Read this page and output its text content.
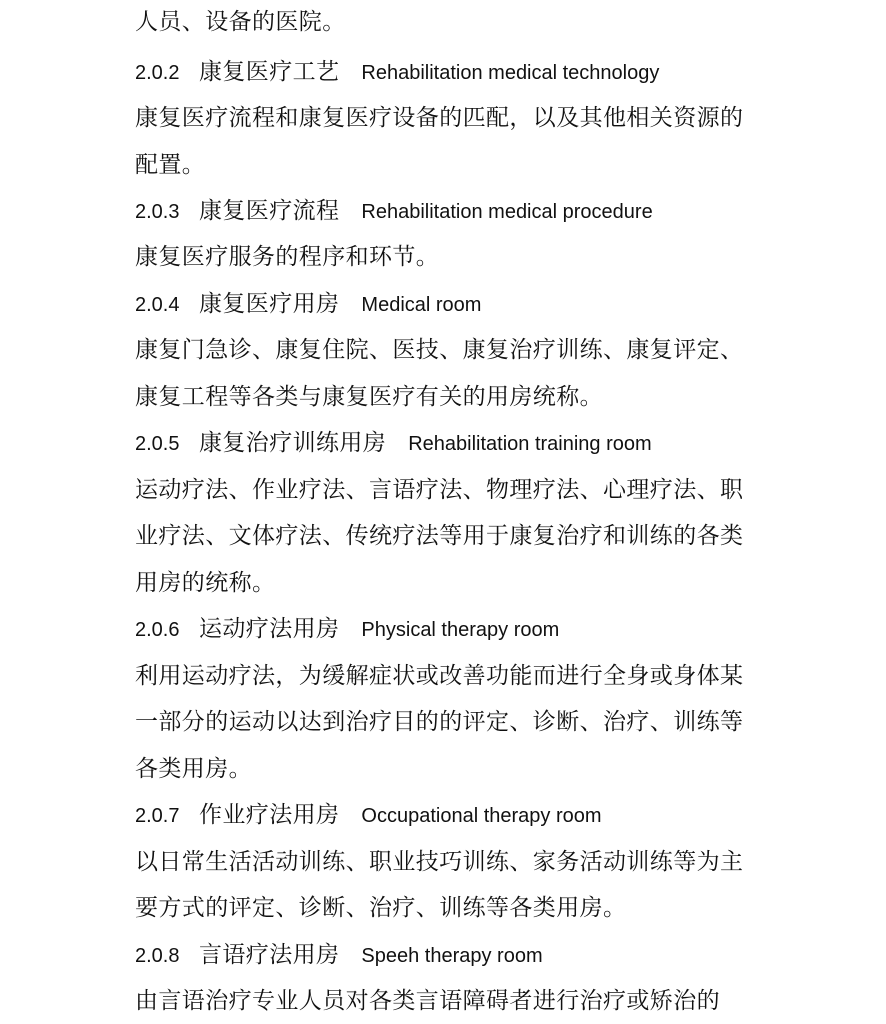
人员、设备的医院。
2.0.2 康复医疗工艺 Rehabilitation medical technology
康复医疗流程和康复医疗设备的匹配，以及其他相关资源的
配置。
2.0.3 康复医疗流程 Rehabilitation medical procedure
康复医疗服务的程序和环节。
2.0.4 康复医疗用房 Medical room
康复门急诊、康复住院、医技、康复治疗训练、康复评定、
康复工程等各类与康复医疗有关的用房统称。
2.0.5 康复治疗训练用房 Rehabilitation training room
运动疗法、作业疗法、言语疗法、物理疗法、心理疗法、职
业疗法、文体疗法、传统疗法等用于康复治疗和训练的各类
用房的统称。
2.0.6 运动疗法用房 Physical therapy room
利用运动疗法，为缓解症状或改善功能而进行全身或身体某
一部分的运动以达到治疗目的的评定、诊断、治疗、训练等
各类用房。
2.0.7 作业疗法用房 Occupational therapy room
以日常生活活动训练、职业技巧训练、家务活动训练等为主
要方式的评定、诊断、治疗、训练等各类用房。
2.0.8 言语疗法用房 Speeh therapy room
由言语治疗专业人员对各类言语障碍者进行治疗或矫治的
